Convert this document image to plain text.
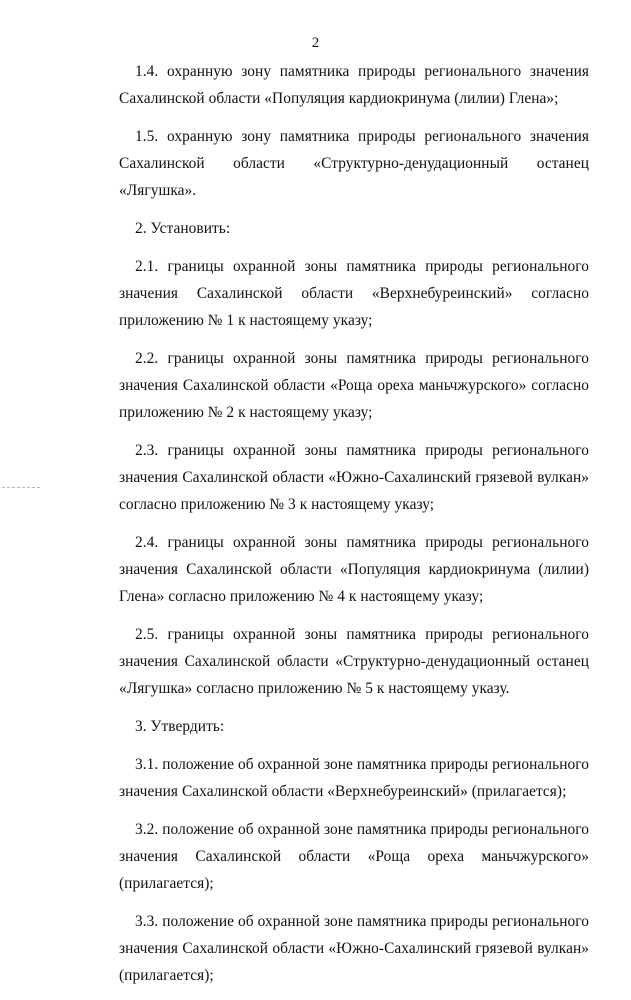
2

1.4. охранную зону памятника природы регионального значения Сахалинской области «Популяция кардиокринума (лилии) Глена»;

1.5. охранную зону памятника природы регионального значения Сахалинской области «Структурно-денудационный останец «Лягушка».

2. Установить:

2.1. границы охранной зоны памятника природы регионального значения Сахалинской области «Верхнебуреинский» согласно приложению № 1 к настоящему указу;

2.2. границы охранной зоны памятника природы регионального значения Сахалинской области «Роща ореха маньчжурского» согласно приложению № 2 к настоящему указу;

2.3. границы охранной зоны памятника природы регионального значения Сахалинской области «Южно-Сахалинский грязевой вулкан» согласно приложению № 3 к настоящему указу;

2.4. границы охранной зоны памятника природы регионального значения Сахалинской области «Популяция кардиокринума (лилии) Глена» согласно приложению № 4 к настоящему указу;

2.5. границы охранной зоны памятника природы регионального значения Сахалинской области «Структурно-денудационный останец «Лягушка» согласно приложению № 5 к настоящему указу.

3. Утвердить:

3.1. положение об охранной зоне памятника природы регионального значения Сахалинской области «Верхнебуреинский» (прилагается);

3.2. положение об охранной зоне памятника природы регионального значения Сахалинской области «Роща ореха маньчжурского» (прилагается);

3.3. положение об охранной зоне памятника природы регионального значения Сахалинской области «Южно-Сахалинский грязевой вулкан» (прилагается);
